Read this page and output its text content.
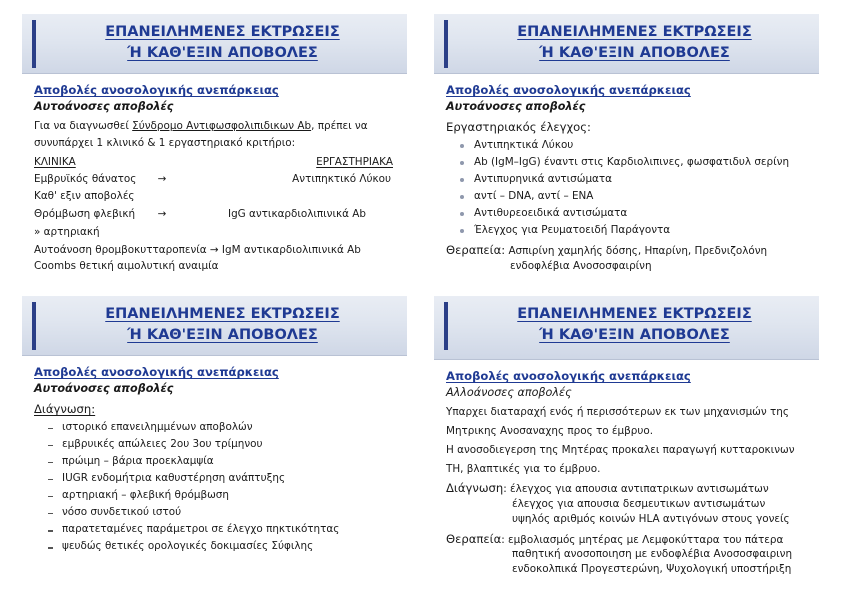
ΕΠΑΝΕΙΛΗΜΕΝΕΣ ΕΚΤΡΩΣΕΙΣ
Ή ΚΑΘ'ΕΞΙΝ ΑΠΟΒΟΛΕΣ
Αποβολές ανοσολογικής ανεπάρκειας
Αυτοάνοσες αποβολές

Για να διαγνωσθεί Σύνδρομο Αντιφωσφολιπιδικων Ab, πρέπει να

συνυπάρχει 1 κλινικό & 1 εργαστηριακό κριτήριο:

ΚΛΙΝΙΚΑ	ΕΡΓΑΣΤΗΡΙΑΚΑ
Εμβρυϊκός θάνατος	→	Αντιπηκτικό Λύκου
Καθ' εξιν αποβολές
Θρόμβωση φλεβική	→	IgG αντικαρδιολιπινικά Ab
» αρτηριακή

Αυτοάνοση θρομβοκυτταροπενία → IgM αντικαρδιολιπινικά Ab

Coombs θετική αιμολυτική αναιμία

ΕΠΑΝΕΙΛΗΜΕΝΕΣ ΕΚΤΡΩΣΕΙΣ
Ή ΚΑΘ'ΕΞΙΝ ΑΠΟΒΟΛΕΣ
Αποβολές ανοσολογικής ανεπάρκειας
Αυτοάνοσες αποβολές
Εργαστηριακός έλεγχος:
Αντιπηκτικά Λύκου
Ab (IgM–IgG) έναντι στις Καρδιολιπινες, φωσφατιδυλ σερίνη
Αντιπυρηνικά αντισώματα
αντί – DNA, αντί – ENA
Αντιθυρεοειδικά αντισώματα
Έλεγχος για Ρευματοειδή Παράγοντα
Θεραπεία: Ασπιρίνη χαμηλής δόσης, Ηπαρίνη, Πρεδνιζολόνη
ενδοφλέβια Ανοσοσφαιρίνη
ΕΠΑΝΕΙΛΗΜΕΝΕΣ ΕΚΤΡΩΣΕΙΣ
Ή ΚΑΘ'ΕΞΙΝ ΑΠΟΒΟΛΕΣ
Αποβολές ανοσολογικής ανεπάρκειας
Αυτοάνοσες αποβολές
Διάγνωση:
ιστορικό επανειλημμένων αποβολών
εμβρυικές απώλειες 2ου 3ου τρίμηνου
πρώιμη – βάρια προεκλαμψία
IUGR ενδομήτρια καθυστέρηση ανάπτυξης
αρτηριακή – φλεβική θρόμβωση
νόσο συνδετικού ιστού
παρατεταμένες παράμετροι σε έλεγχο πηκτικότητας
ψευδώς θετικές ορολογικές δοκιμασίες Σύφιλης
ΕΠΑΝΕΙΛΗΜΕΝΕΣ ΕΚΤΡΩΣΕΙΣ
Ή ΚΑΘ'ΕΞΙΝ ΑΠΟΒΟΛΕΣ
Αποβολές ανοσολογικής ανεπάρκειας
Αλλοάνοσες αποβολές

Υπαρχει διαταραχή ενός ή περισσότερων εκ των μηχανισμών της

Μητρικης Ανοσαναχης προς το έμβρυο.

Η ανοσοδιεγερση της Μητέρας προκαλει παραγωγή κυτταροκινων

ΤΗ, βλαπτικές για το έμβρυο.

Διάγνωση: έλεγχος για απουσια αντιπατρικων αντισωμάτων
έλεγχος για απουσια δεσμευτικων αντισωμάτων
υψηλός αριθμός κοινών HLA αντιγόνων στους γονείς
Θεραπεία: εμβολιασμός μητέρας με Λεμφοκύτταρα του πάτερα
παθητική ανοσοποιηση με ενδοφλέβια Ανοσοσφαιρινη
ενδοκολπικά Προγεστερώνη, Ψυχολογική υποστήριξη
